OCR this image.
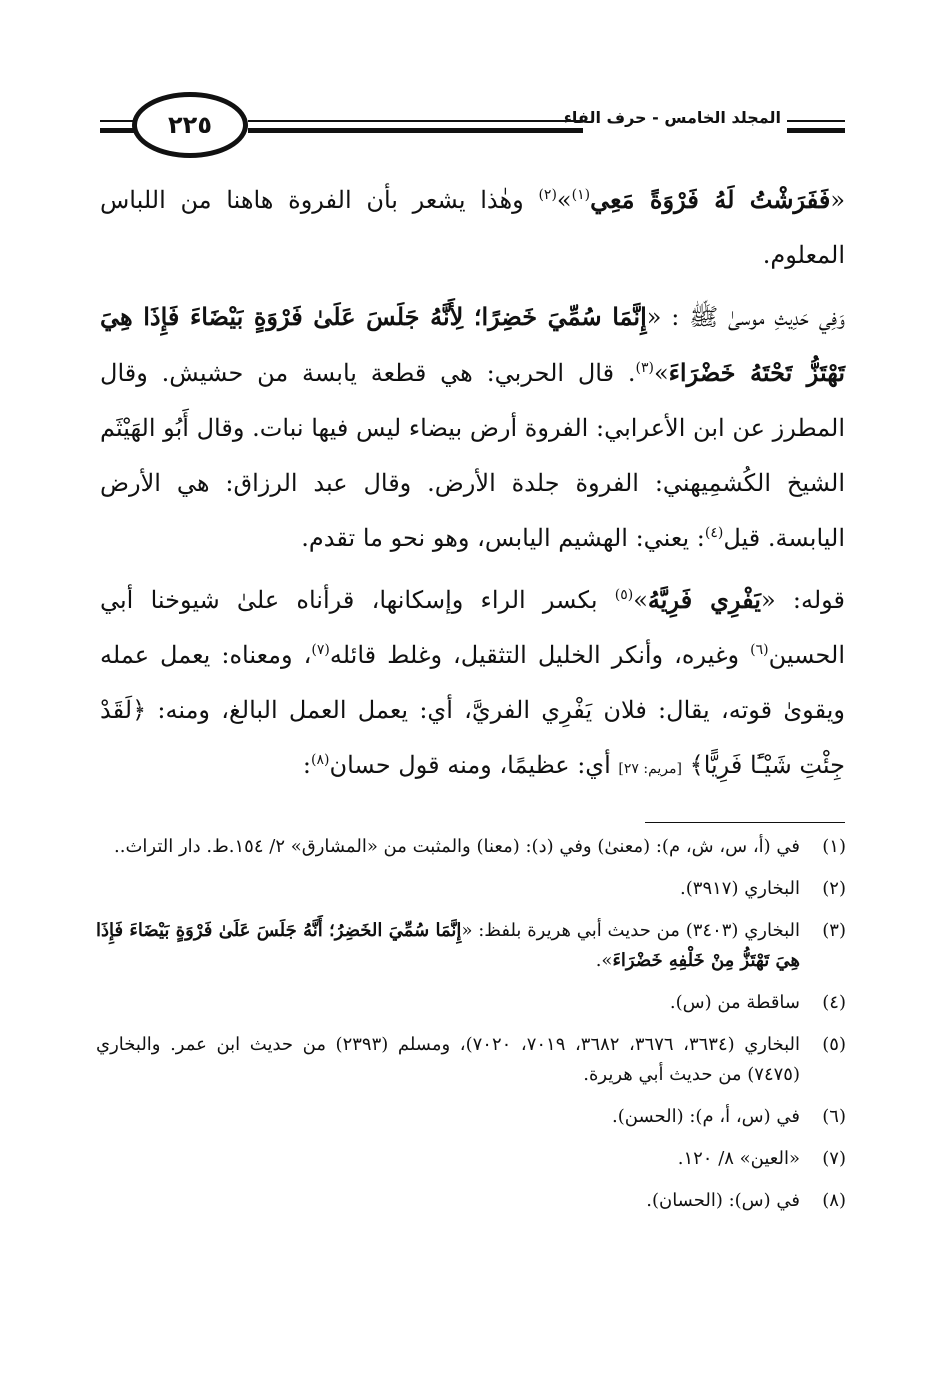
٢٢٥	المجلد الخامس - حرف الفاء

«فَفَرَشْتُ لَهُ فَرْوَةً مَعِي$^{(١)}$»$^{(٢)}$ وهٰذا يشعر بأن الفروة هاهنا من اللباس المعلوم.

وَفِي حَدِيثِ موسىٰ ﷺ : «إِنَّمَا سُمِّيَ خَضِرًا؛ لِأَنَّهُ جَلَسَ عَلَىٰ فَرْوَةٍ بَيْضَاءَ فَإِذَا هِيَ تَهْتَزُّ تَحْتَهُ خَضْرَاءَ»$^{(٣)}$. قال الحربي: هي قطعة يابسة من حشيش. وقال المطرز عن ابن الأعرابي: الفروة أرض بيضاء ليس فيها نبات. وقال أَبُو الهَيْثَم الشيخ الكُشمِيهني: الفروة جلدة الأرض. وقال عبد الرزاق: هي الأرض اليابسة. قيل$^{(٤)}$: يعني: الهشيم اليابس، وهو نحو ما تقدم.

قوله: «يَفْرِي فَرِيَّهُ»$^{(٥)}$ بكسر الراء وإسكانها، قرأناه علىٰ شيوخنا أبي الحسين$^{(٦)}$ وغيره، وأنكر الخليل التثقيل، وغلط قائله$^{(٧)}$، ومعناه: يعمل عمله ويقوىٰ قوته، يقال: فلان يَفْرِي الفريَّ، أي: يعمل العمل البالغ، ومنه: ﴿لَقَدْ جِئْتِ شَيْـًٔا فَرِيًّا﴾ [مريم: ٢٧] أي: عظيمًا، ومنه قول حسان$^{(٨)}$:

(١)
في (أ، س، ش، م): (معنىٰ) وفي (د): (معنا) والمثبت من «المشارق» ٢/ ١٥٤.ط. دار التراث..
(٢)
البخاري (٣٩١٧).
(٣)
البخاري (٣٤٠٣) من حديث أبي هريرة بلفظ: «إِنَّمَا سُمِّيَ الخَضِرُ؛ أَنَّهُ جَلَسَ عَلَىٰ فَرْوَةٍ بَيْضَاءَ فَإِذَا هِيَ تَهْتَزُّ مِنْ خَلْفِهِ خَضْرَاءَ».
(٤)
ساقطة من (س).
(٥)
البخاري (٣٦٣٤، ٣٦٧٦، ٣٦٨٢، ٧٠١٩، ٧٠٢٠)، ومسلم (٢٣٩٣) من حديث ابن عمر. والبخاري (٧٤٧٥) من حديث أبي هريرة.
(٦)
في (س، أ، م): (الحسن).
(٧)
«العين» ٨/ ١٢٠.
(٨)
في (س): (الحسان).
